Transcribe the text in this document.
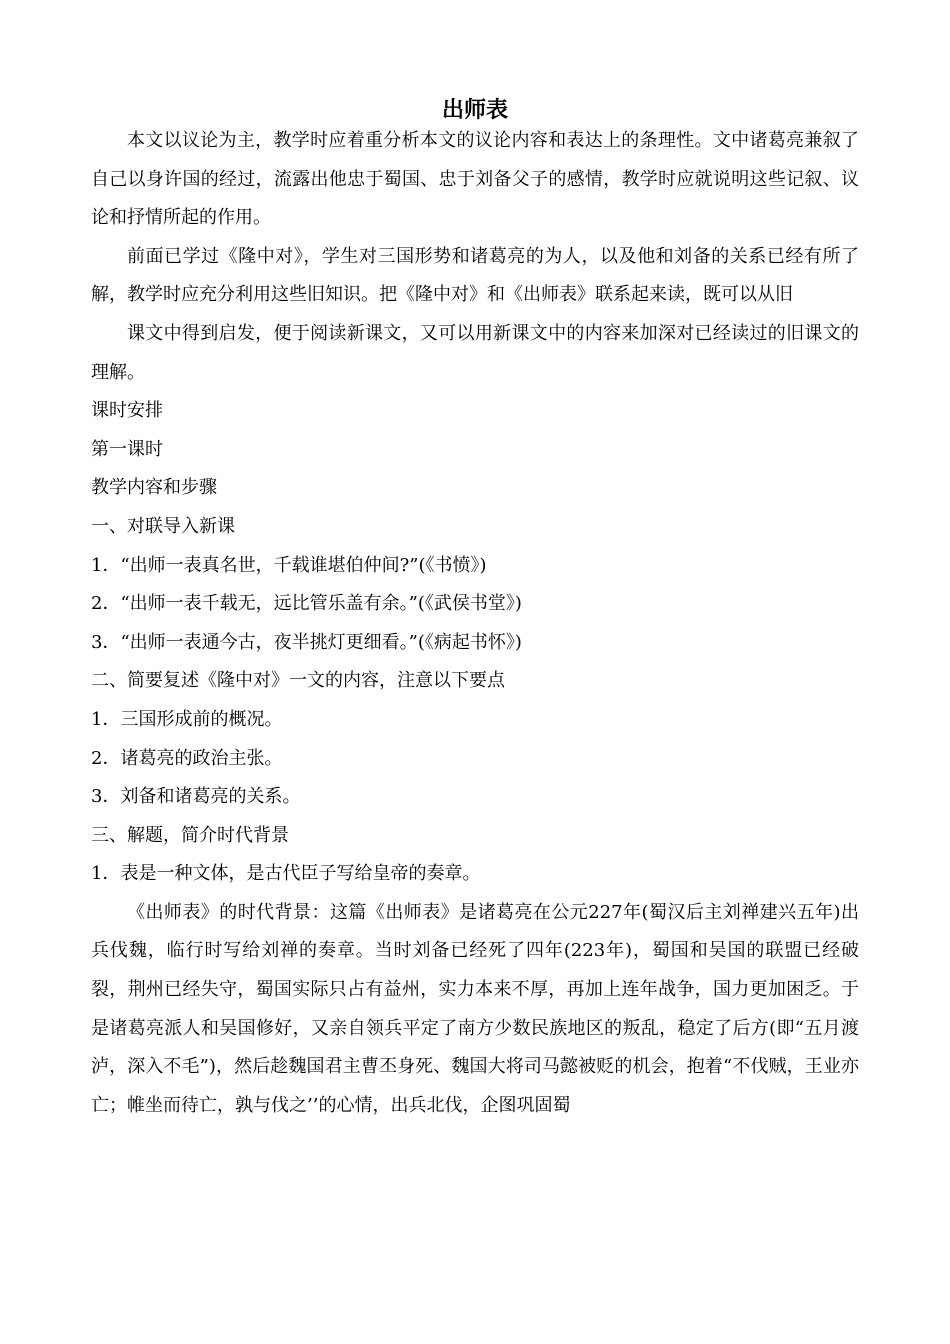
出师表

本文以议论为主，教学时应着重分析本文的议论内容和表达上的条理性。文中诸葛亮兼叙了自己以身许国的经过，流露出他忠于蜀国、忠于刘备父子的感情，教学时应就说明这些记叙、议论和抒情所起的作用。

前面已学过《隆中对》，学生对三国形势和诸葛亮的为人，以及他和刘备的关系已经有所了解，教学时应充分利用这些旧知识。把《隆中对》和《出师表》联系起来读，既可以从旧

课文中得到启发，便于阅读新课文，又可以用新课文中的内容来加深对已经读过的旧课文的理解。

课时安排

第一课时

教学内容和步骤

一、对联导入新课

1．“出师一表真名世，千载谁堪伯仲间?”(《书愤》)

2．“出师一表千载无，远比管乐盖有余。”(《武侯书堂》)

3．“出师一表通今古，夜半挑灯更细看。”(《病起书怀》)

二、简要复述《隆中对》一文的内容，注意以下要点

1．三国形成前的概况。

2．诸葛亮的政治主张。

3．刘备和诸葛亮的关系。

三、解题，简介时代背景

1．表是一种文体，是古代臣子写给皇帝的奏章。

《出师表》的时代背景：这篇《出师表》是诸葛亮在公元227年(蜀汉后主刘禅建兴五年)出兵伐魏，临行时写给刘禅的奏章。当时刘备已经死了四年(223年)，蜀国和吴国的联盟已经破裂，荆州已经失守，蜀国实际只占有益州，实力本来不厚，再加上连年战争，国力更加困乏。于是诸葛亮派人和吴国修好，又亲自领兵平定了南方少数民族地区的叛乱，稳定了后方(即“五月渡泸，深入不毛”)，然后趁魏国君主曹丕身死、魏国大将司马懿被贬的机会，抱着“不伐贼，王业亦亡；帷坐而待亡，孰与伐之’’的心情，出兵北伐，企图巩固蜀
